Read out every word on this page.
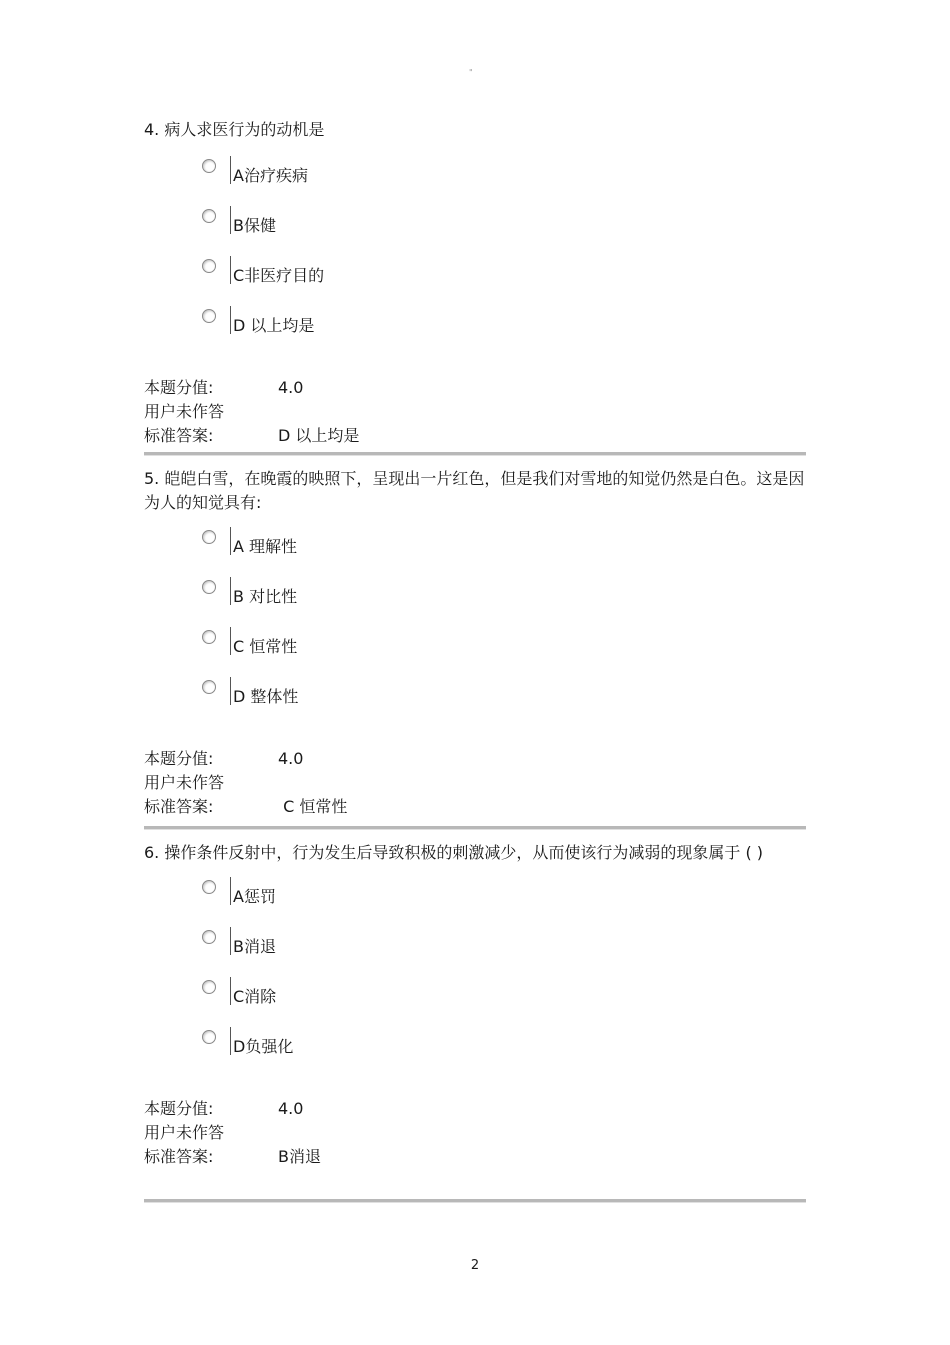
"

4. 病人求医行为的动机是

A治疗疾病
B保健
C非医疗目的
D 以上均是
本题分值:	4.0
用户未作答
标准答案:	D 以上均是

5. 皑皑白雪，在晚霞的映照下，呈现出一片红色，但是我们对雪地的知觉仍然是白色。这是因为人的知觉具有:

A 理解性
B 对比性
C 恒常性
D 整体性
本题分值:	4.0
用户未作答
标准答案:	C 恒常性

6. 操作条件反射中，行为发生后导致积极的刺激减少，从而使该行为减弱的现象属于 ( )

A惩罚
B消退
C消除
D负强化
本题分值:	4.0
用户未作答
标准答案:	B消退
2
